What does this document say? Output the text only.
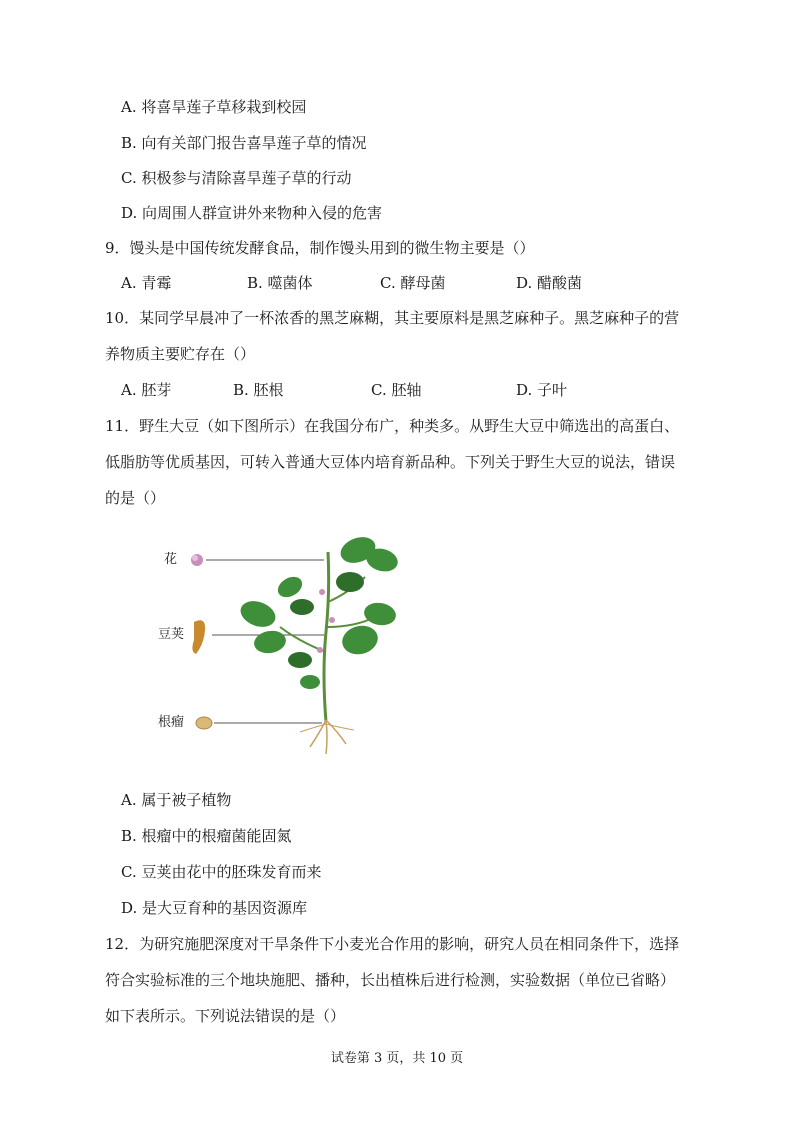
A. 将喜旱莲子草移栽到校园
B. 向有关部门报告喜旱莲子草的情况
C. 积极参与清除喜旱莲子草的行动
D. 向周围人群宣讲外来物种入侵的危害
9．馒头是中国传统发酵食品，制作馒头用到的微生物主要是（）
A. 青霉	B. 噬菌体	C. 酵母菌	D. 醋酸菌
10．某同学早晨冲了一杯浓香的黑芝麻糊，其主要原料是黑芝麻种子。黑芝麻种子的营
养物质主要贮存在（）
A. 胚芽	B. 胚根	C. 胚轴	D. 子叶
11．野生大豆（如下图所示）在我国分布广，种类多。从野生大豆中筛选出的高蛋白、
低脂肪等优质基因，可转入普通大豆体内培育新品种。下列关于野生大豆的说法，错误
的是（）
花
豆荚
根瘤
A. 属于被子植物
B. 根瘤中的根瘤菌能固氮
C. 豆荚由花中的胚珠发育而来
D. 是大豆育种的基因资源库
12．为研究施肥深度对干旱条件下小麦光合作用的影响，研究人员在相同条件下，选择
符合实验标准的三个地块施肥、播种，长出植株后进行检测，实验数据（单位已省略）
如下表所示。下列说法错误的是（）
试卷第 3 页，共 10 页
